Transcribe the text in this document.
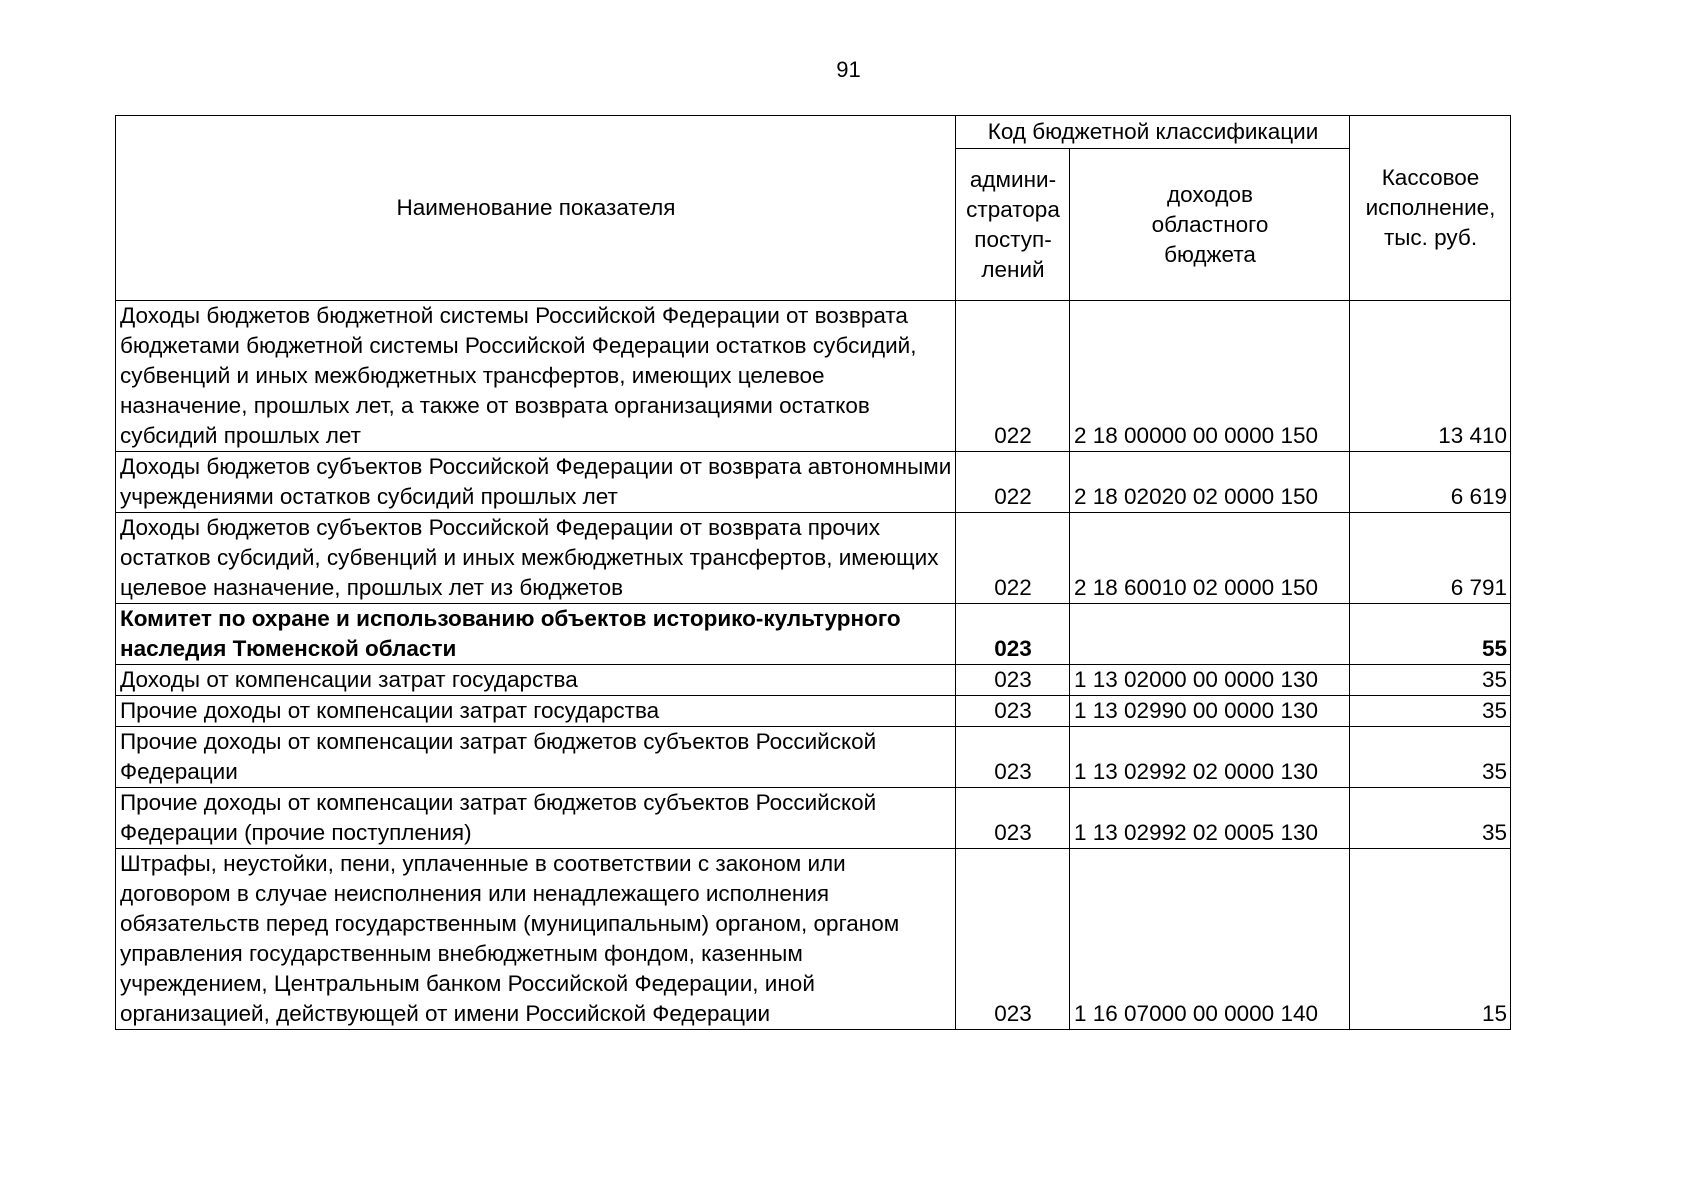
91
Наименование показателя	Код бюджетной классификации		Кассовое
исполнение,
тыс. руб.

	админи-
стратора
поступ-
лений	доходов
областного
бюджета	

Доходы бюджетов бюджетной системы Российской Федерации от возврата бюджетами бюджетной системы Российской Федерации остатков субсидий, субвенций и иных межбюджетных трансфертов, имеющих целевое назначение, прошлых лет, а также от возврата организациями остатков субсидий прошлых лет	022	2 18 00000 00 0000 150	13 410
Доходы бюджетов субъектов Российской Федерации от возврата автономными учреждениями остатков субсидий прошлых лет	022	2 18 02020 02 0000 150	6 619
Доходы бюджетов субъектов Российской Федерации от возврата прочих остатков субсидий, субвенций и иных межбюджетных трансфертов, имеющих целевое назначение, прошлых лет из бюджетов	022	2 18 60010 02 0000 150	6 791
Комитет по охране и использованию объектов историко-культурного наследия Тюменской области	023		55
Доходы от компенсации затрат государства	023	1 13 02000 00 0000 130	35
Прочие доходы от компенсации затрат государства	023	1 13 02990 00 0000 130	35
Прочие доходы от компенсации затрат бюджетов субъектов Российской Федерации	023	1 13 02992 02 0000 130	35
Прочие доходы от компенсации затрат бюджетов субъектов Российской Федерации (прочие поступления)	023	1 13 02992 02 0005 130	35
Штрафы, неустойки, пени, уплаченные в соответствии с законом или договором в случае неисполнения или ненадлежащего исполнения обязательств перед государственным (муниципальным) органом, органом управления государственным внебюджетным фондом, казенным учреждением, Центральным банком Российской Федерации, иной организацией, действующей от имени Российской Федерации	023	1 16 07000 00 0000 140	15
